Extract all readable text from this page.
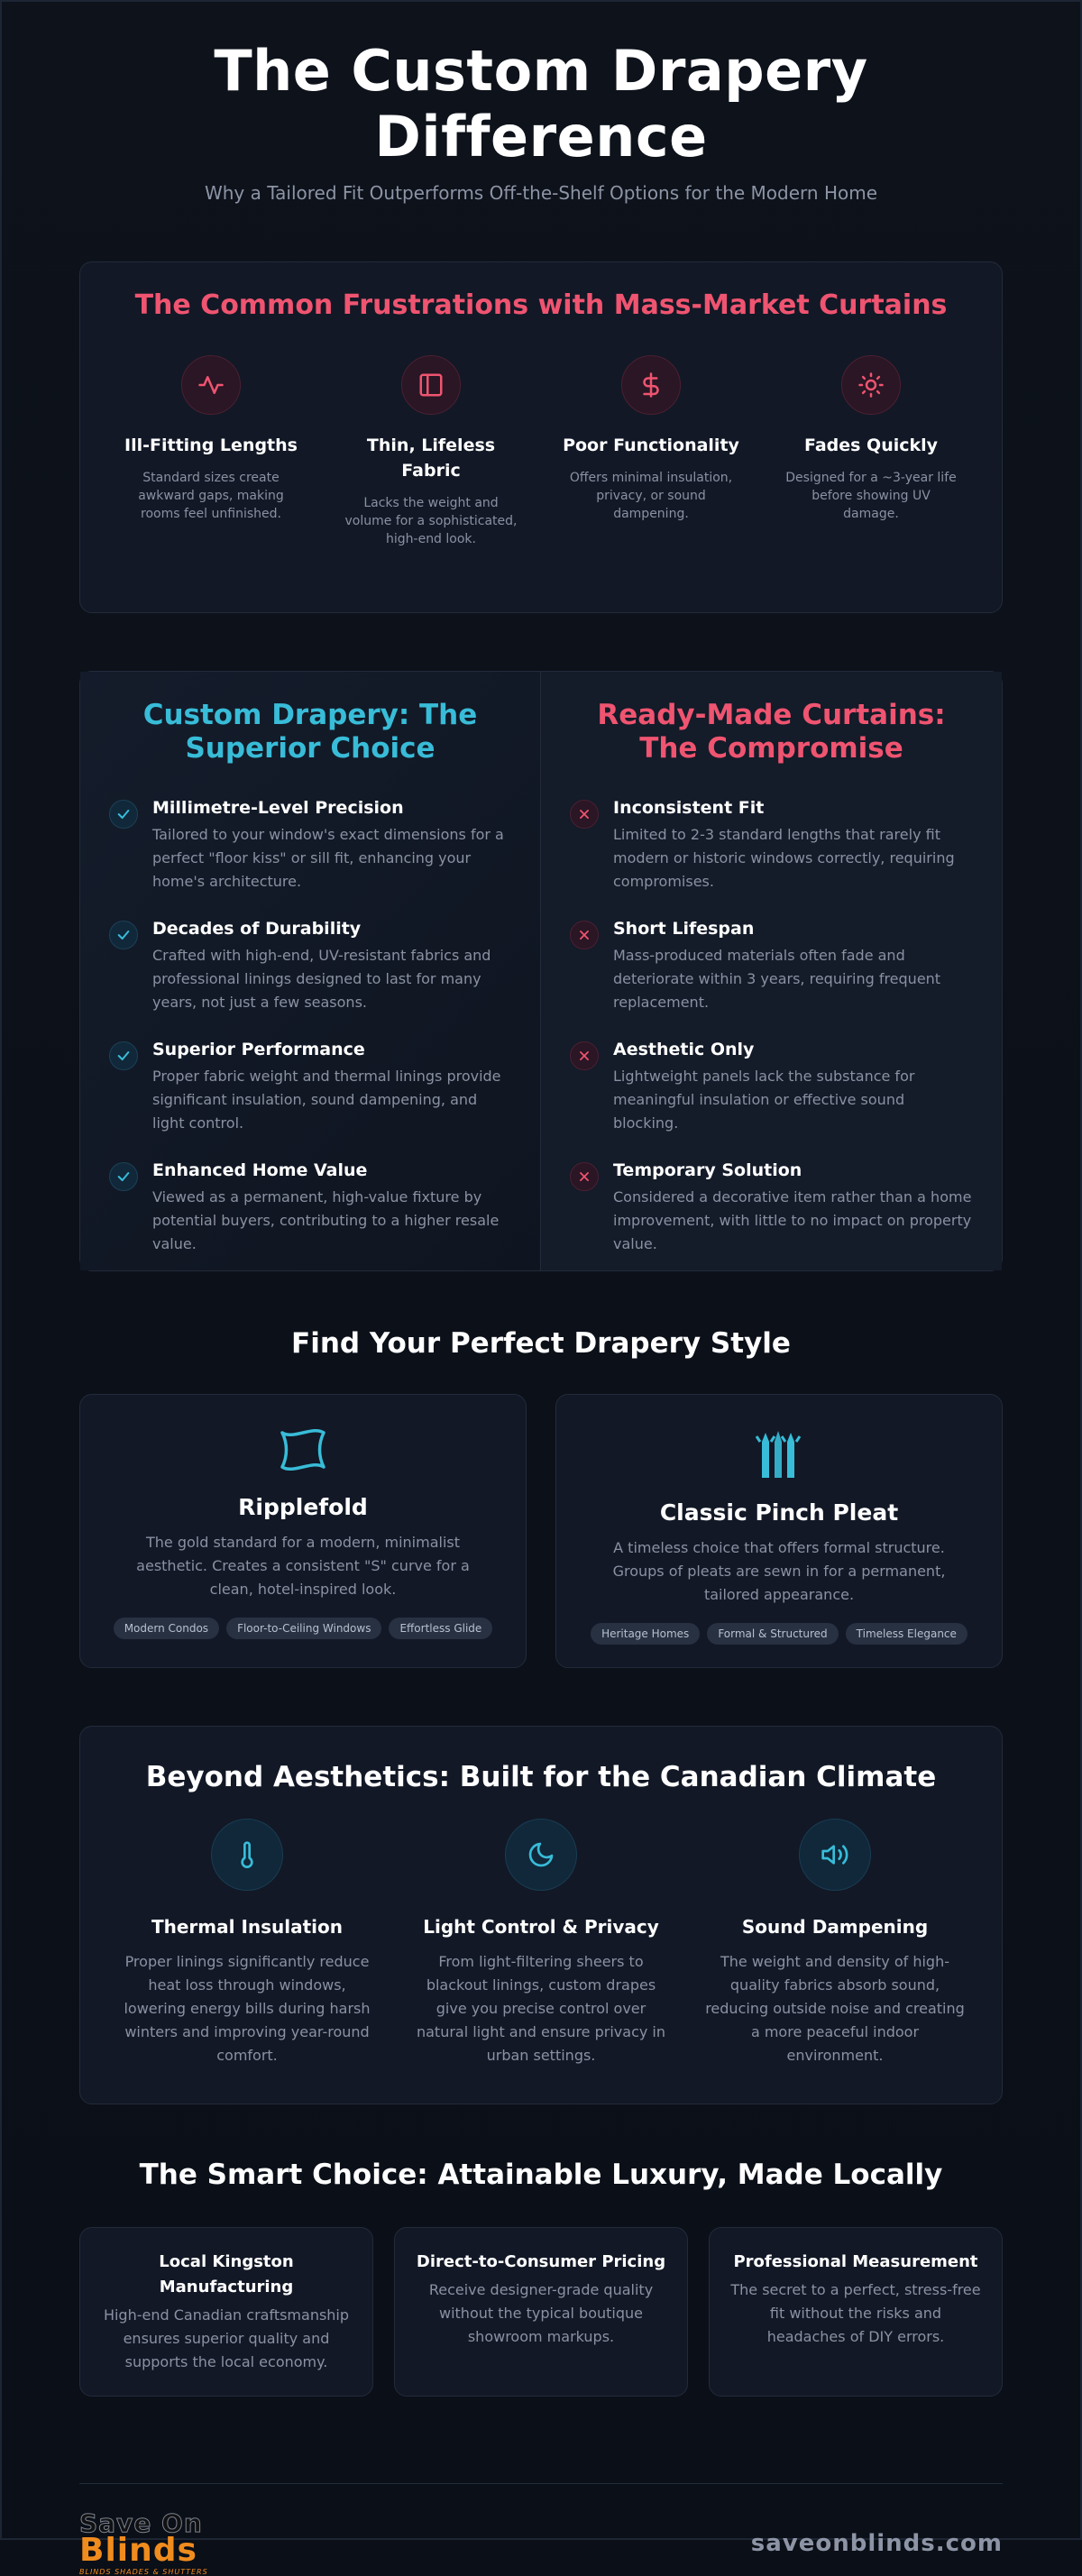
The Custom Drapery Difference
Why a Tailored Fit Outperforms Off-the-Shelf Options for the Modern Home
The Common Frustrations with Mass-Market Curtains
Ill-Fitting Lengths

Standard sizes create awkward gaps, making rooms feel unfinished.

Thin, Lifeless Fabric

Lacks the weight and volume for a sophisticated, high-end look.

Poor Functionality

Offers minimal insulation, privacy, or sound dampening.

Fades Quickly

Designed for a ~3-year life before showing UV damage.

Custom Drapery: The Superior Choice
Millimetre-Level Precision

Tailored to your window's exact dimensions for a perfect "floor kiss" or sill fit, enhancing your home's architecture.

Decades of Durability

Crafted with high-end, UV-resistant fabrics and professional linings designed to last for many years, not just a few seasons.

Superior Performance

Proper fabric weight and thermal linings provide significant insulation, sound dampening, and light control.

Enhanced Home Value

Viewed as a permanent, high-value fixture by potential buyers, contributing to a higher resale value.

Ready-Made Curtains: The Compromise
Inconsistent Fit

Limited to 2-3 standard lengths that rarely fit modern or historic windows correctly, requiring compromises.

Short Lifespan

Mass-produced materials often fade and deteriorate within 3 years, requiring frequent replacement.

Aesthetic Only

Lightweight panels lack the substance for meaningful insulation or effective sound blocking.

Temporary Solution

Considered a decorative item rather than a home improvement, with little to no impact on property value.

Find Your Perfect Drapery Style
Ripplefold

The gold standard for a modern, minimalist aesthetic. Creates a consistent "S" curve for a clean, hotel-inspired look.

Modern Condos	Floor-to-Ceiling Windows	Effortless Glide
Classic Pinch Pleat

A timeless choice that offers formal structure. Groups of pleats are sewn in for a permanent, tailored appearance.

Heritage Homes	Formal & Structured	Timeless Elegance
Beyond Aesthetics: Built for the Canadian Climate
Thermal Insulation

Proper linings significantly reduce heat loss through windows, lowering energy bills during harsh winters and improving year-round comfort.

Light Control & Privacy

From light-filtering sheers to blackout linings, custom drapes give you precise control over natural light and ensure privacy in urban settings.

Sound Dampening

The weight and density of high-quality fabrics absorb sound, reducing outside noise and creating a more peaceful indoor environment.

The Smart Choice: Attainable Luxury, Made Locally
Local Kingston Manufacturing

High-end Canadian craftsmanship ensures superior quality and supports the local economy.

Direct-to-Consumer Pricing

Receive designer-grade quality without the typical boutique showroom markups.

Professional Measurement

The secret to a perfect, stress-free fit without the risks and headaches of DIY errors.

Save On
Blinds
BLINDS SHADES & SHUTTERS
saveonblinds.com
